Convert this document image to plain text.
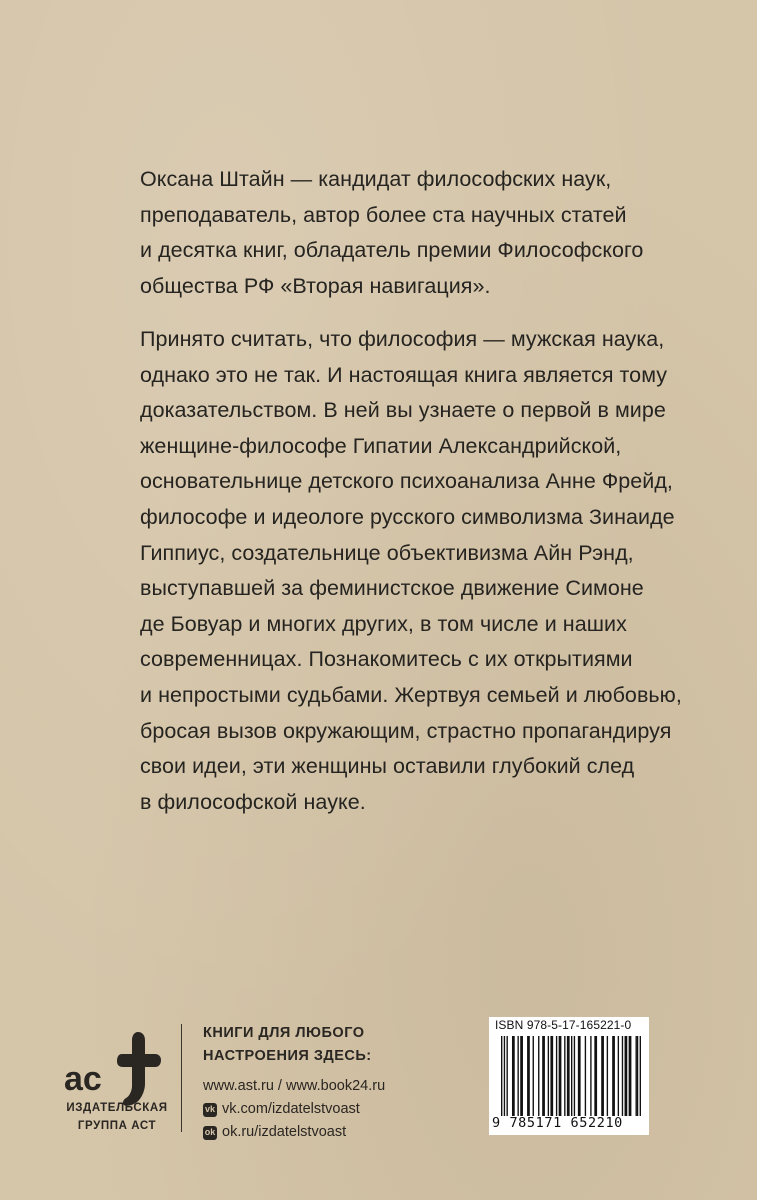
Оксана Штайн — кандидат философских наук,
преподаватель, автор более ста научных статей
и десятка книг, обладатель премии Философского
общества РФ «Вторая навигация».
Принято считать, что философия — мужская наука,
однако это не так. И настоящая книга является тому
доказательством. В ней вы узнаете о первой в мире
женщине-философе Гипатии Александрийской,
основательнице детского психоанализа Анне Фрейд,
философе и идеологе русского символизма Зинаиде
Гиппиус, создательнице объективизма Айн Рэнд,
выступавшей за феминистское движение Симоне
де Бовуар и многих других, в том числе и наших
современницах. Познакомитесь с их открытиями
и непростыми судьбами. Жертвуя семьей и любовью,
бросая вызов окружающим, страстно пропагандируя
свои идеи, эти женщины оставили глубокий след
в философской науке.
ас
ИЗДАТЕЛЬСКАЯ
ГРУППА АСТ
КНИГИ ДЛЯ ЛЮБОГО
НАСТРОЕНИЯ ЗДЕСЬ:
www.ast.ru / www.book24.ru
vk vk.com/izdatelstvoast
ok ok.ru/izdatelstvoast
ISBN 978-5-17-165221-0
9 785171 652210
